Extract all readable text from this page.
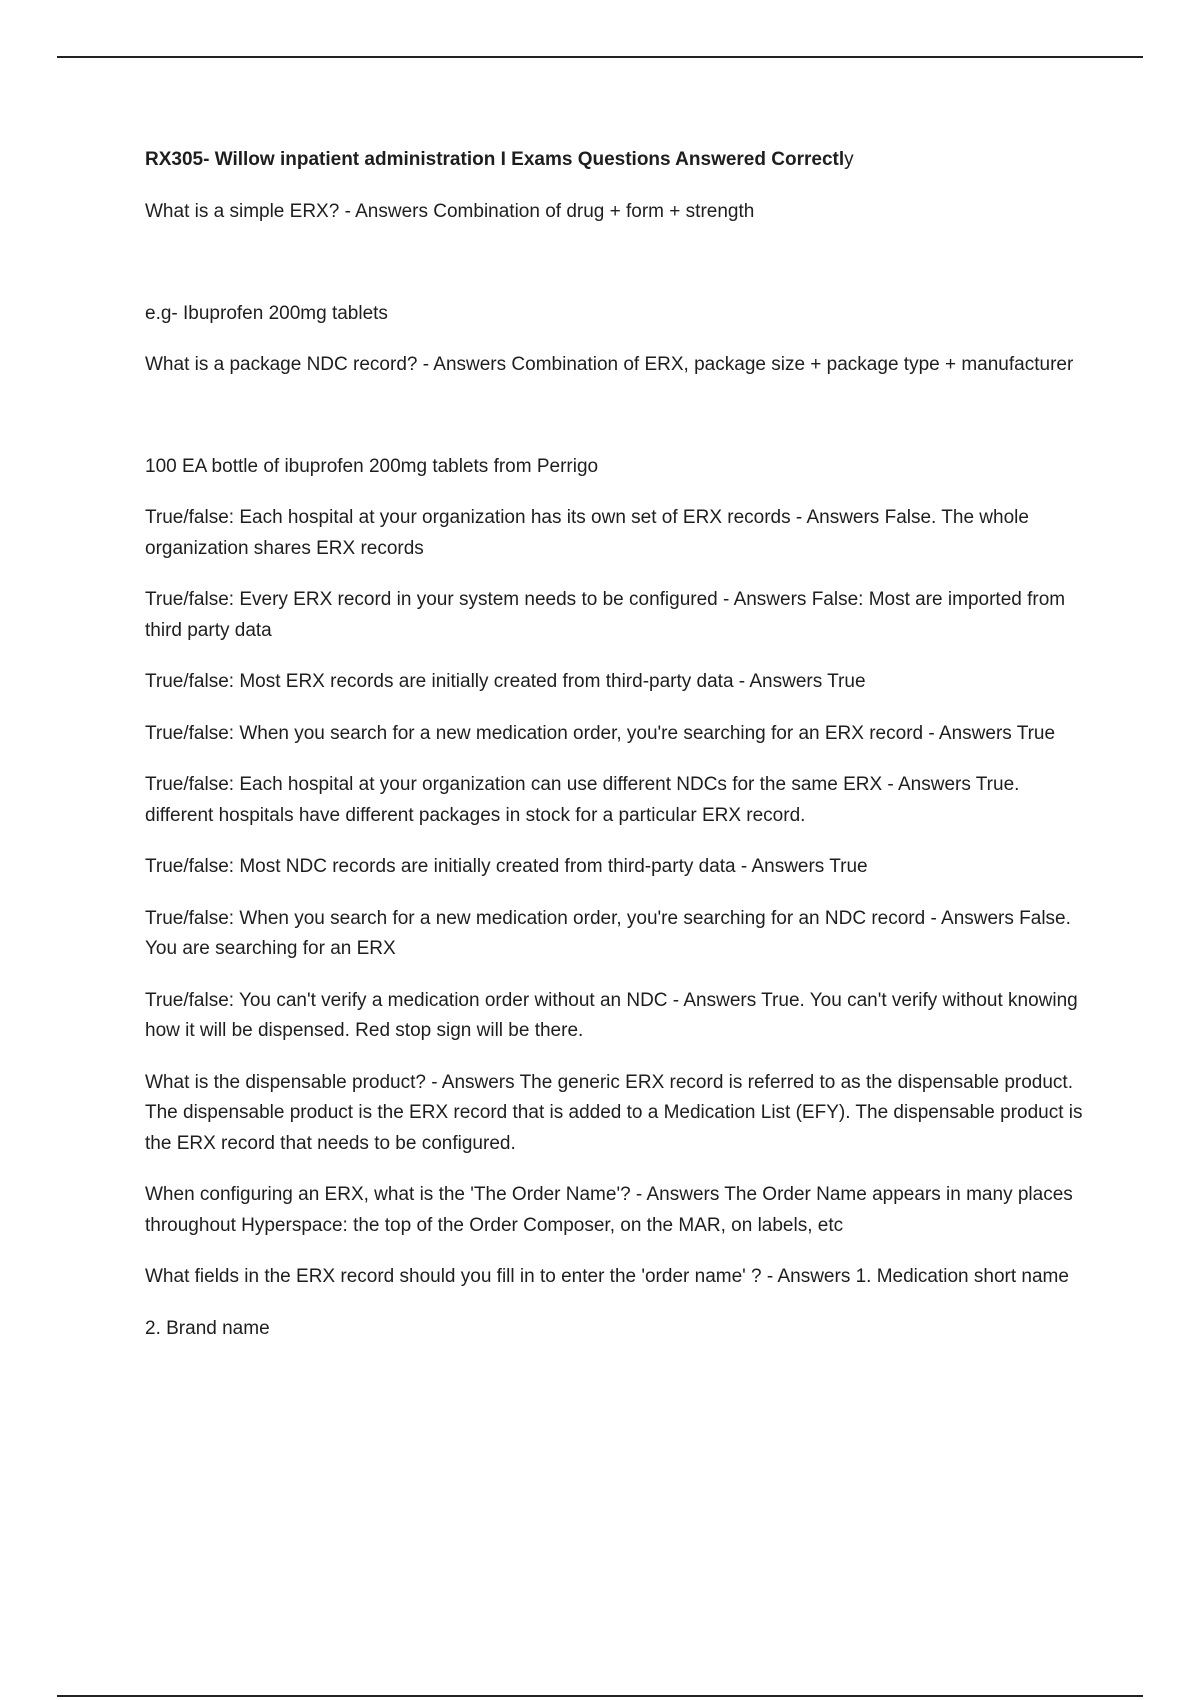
RX305- Willow inpatient administration I Exams Questions Answered Correctly

What is a simple ERX? - Answers Combination of drug + form + strength

e.g- Ibuprofen 200mg tablets

What is a package NDC record? - Answers Combination of ERX, package size + package type + manufacturer

100 EA bottle of ibuprofen 200mg tablets from Perrigo

True/false: Each hospital at your organization has its own set of ERX records - Answers False. The whole organization shares ERX records

True/false: Every ERX record in your system needs to be configured - Answers False: Most are imported from third party data

True/false: Most ERX records are initially created from third-party data - Answers True

True/false: When you search for a new medication order, you're searching for an ERX record - Answers True

True/false: Each hospital at your organization can use different NDCs for the same ERX - Answers True. different hospitals have different packages in stock for a particular ERX record.

True/false: Most NDC records are initially created from third-party data - Answers True

True/false: When you search for a new medication order, you're searching for an NDC record - Answers False. You are searching for an ERX

True/false: You can't verify a medication order without an NDC - Answers True. You can't verify without knowing how it will be dispensed. Red stop sign will be there.

What is the dispensable product? - Answers The generic ERX record is referred to as the dispensable product. The dispensable product is the ERX record that is added to a Medication List (EFY). The dispensable product is the ERX record that needs to be configured.

When configuring an ERX, what is the 'The Order Name'? - Answers The Order Name appears in many places throughout Hyperspace: the top of the Order Composer, on the MAR, on labels, etc

What fields in the ERX record should you fill in to enter the 'order name' ? - Answers 1. Medication short name

2. Brand name
